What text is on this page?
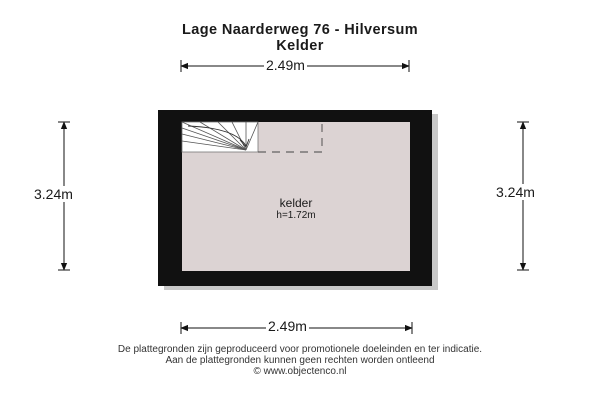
Lage Naarderweg 76 - Hilversum
Kelder
2.49m
2.49m
3.24m	3.24m
kelder
h=1.72m
De plattegronden zijn geproduceerd voor promotionele doeleinden en ter indicatie.
Aan de plattegronden kunnen geen rechten worden ontleend
© www.objectenco.nl
